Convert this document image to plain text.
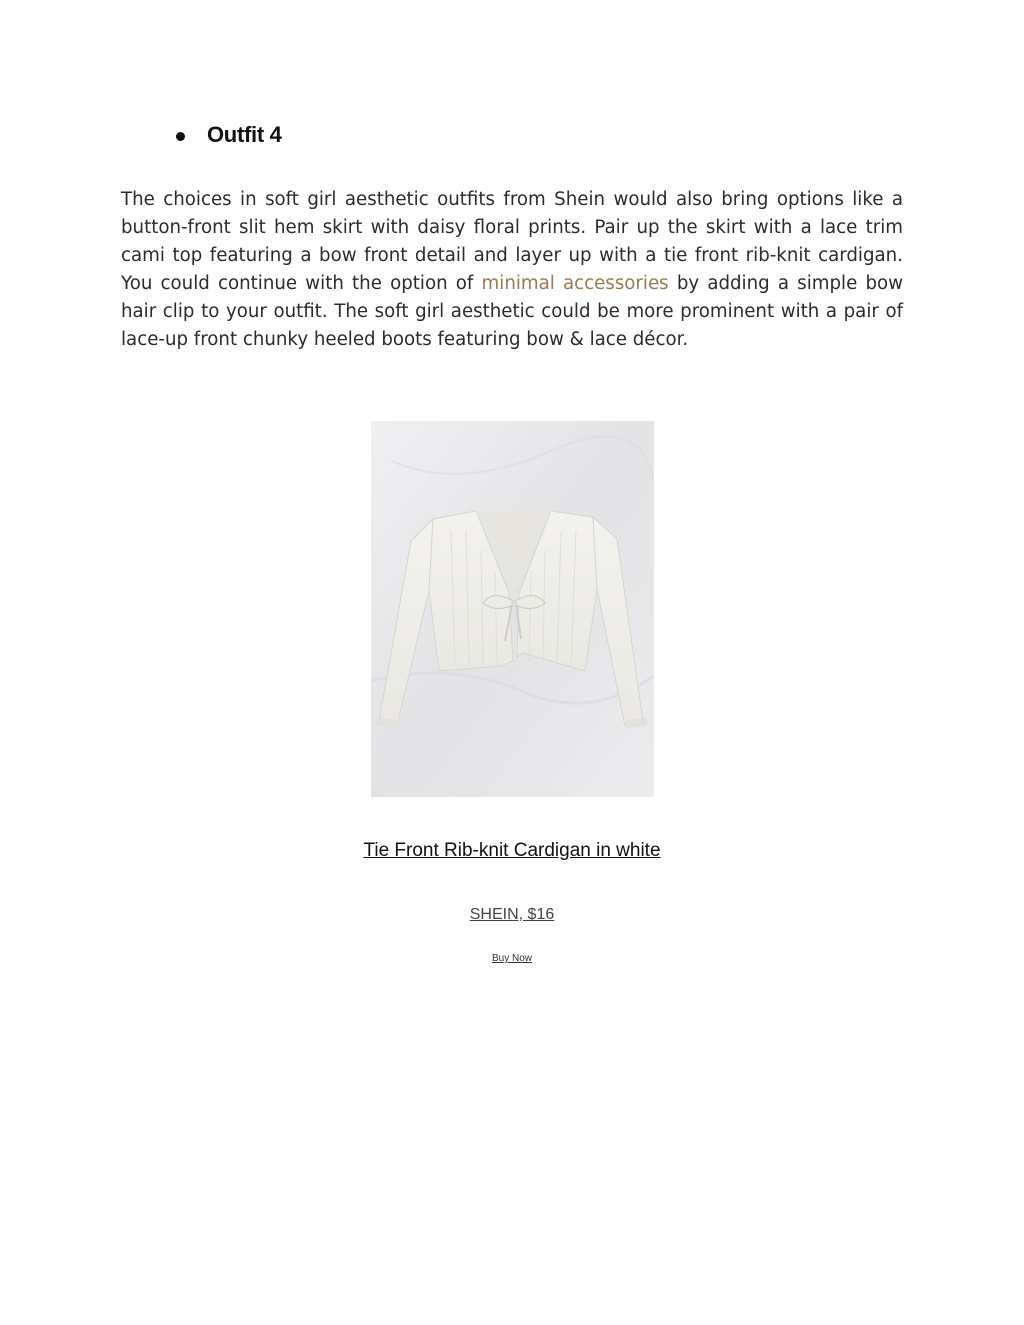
Outfit 4

The choices in soft girl aesthetic outfits from Shein would also bring options like a button-front slit hem skirt with daisy floral prints. Pair up the skirt with a lace trim cami top featuring a bow front detail and layer up with a tie front rib-knit cardigan. You could continue with the option of minimal accessories by adding a simple bow hair clip to your outfit. The soft girl aesthetic could be more prominent with a pair of lace-up front chunky heeled boots featuring bow & lace décor.

Tie Front Rib-knit Cardigan in white
SHEIN, $16
Buy Now
